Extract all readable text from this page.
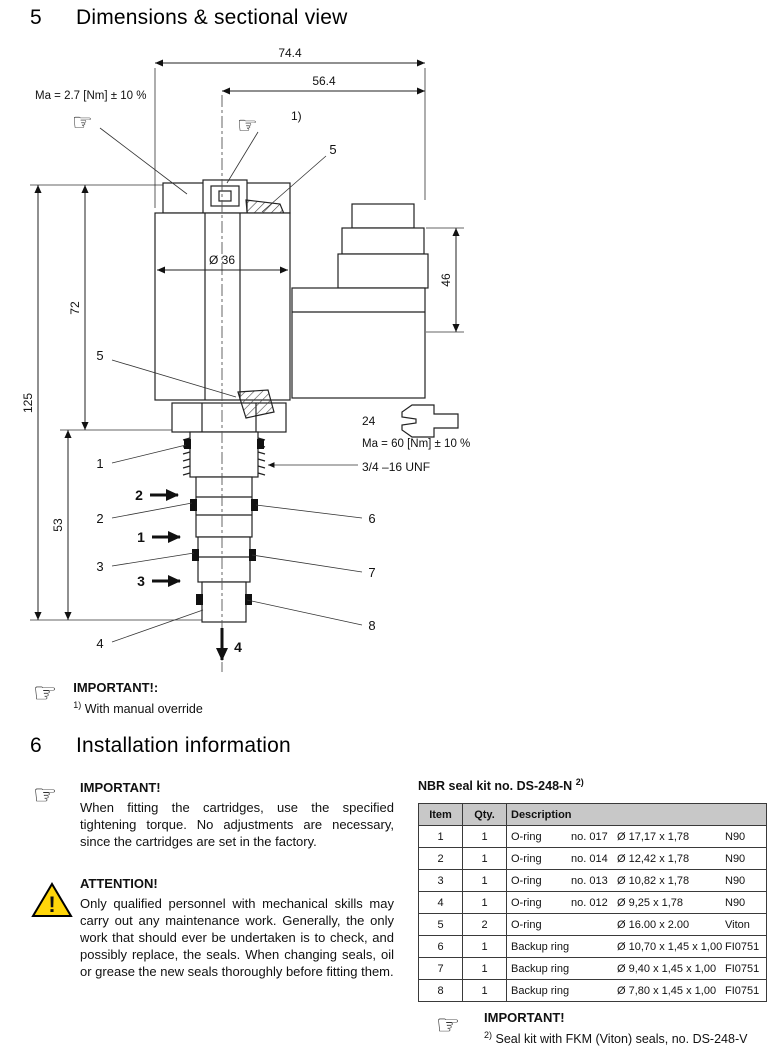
5 Dimensions & sectional view
☞	☞
74.4
56.4
Ma = 2.7 [Nm] ± 10 %
1)
Ø 36
46
72
125
53
24
Ma = 60 [Nm] ± 10 %
3/4 –16 UNF
5
5
1
2
3
4
6
7
8
2
1
3
4
☞ IMPORTANT!:
$^{1)}$ With manual override
6 Installation information
☞ IMPORTANT!
When fitting the cartridges, use the specified tightening torque. No adjustments are necessary, since the cartridges are set in the factory.
!
ATTENTION!
Only qualified personnel with mechanical skills may carry out any maintenance work. Generally, the only work that should ever be undertaken is to check, and possibly replace, the seals. When changing seals, oil or grease the new seals thoroughly before fitting them.
NBR seal kit no. DS-248-N $^{2)}$
Item	Qty.	Description
1	1	O-ring no. 017 Ø 17,17 x 1,78 N90
2	1	O-ring no. 014 Ø 12,42 x 1,78 N90
3	1	O-ring no. 013 Ø 10,82 x 1,78 N90
4	1	O-ring no. 012 Ø 9,25 x 1,78 N90
5	2	O-ring Ø 16.00 x 2.00 Viton
6	1	Backup ring Ø 10,70 x 1,45 x 1,00 FI0751
7	1	Backup ring Ø 9,40 x 1,45 x 1,00 FI0751
8	1	Backup ring Ø 7,80 x 1,45 x 1,00 FI0751
☞ IMPORTANT!
$^{2)}$ Seal kit with FKM (Viton) seals, no. DS-248-V
